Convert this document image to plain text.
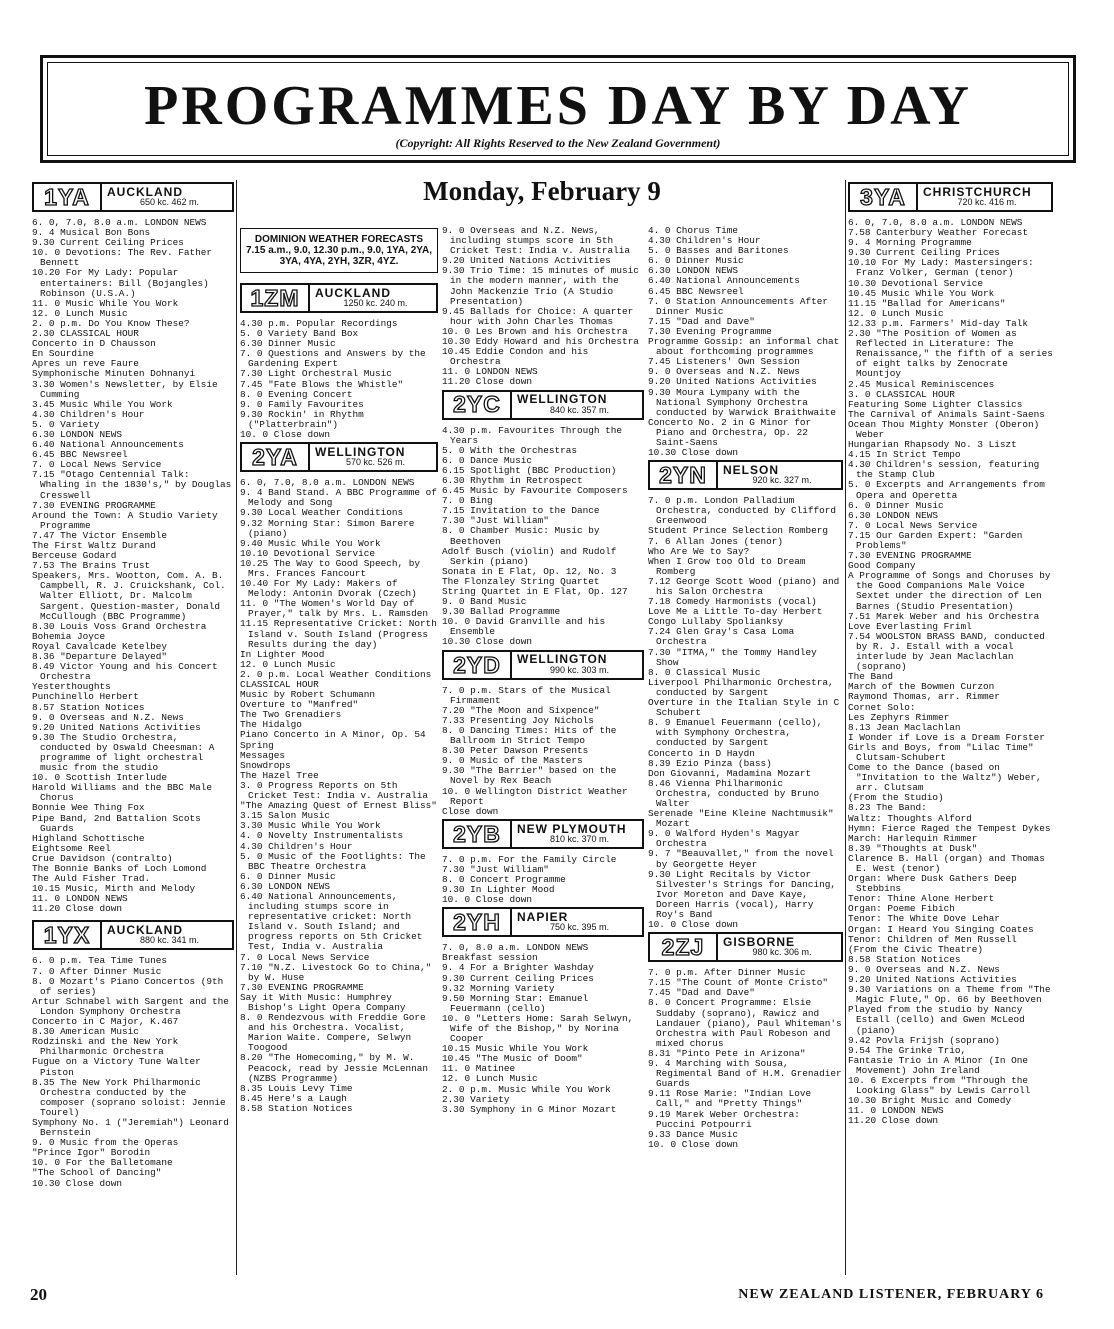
PROGRAMMES DAY BY DAY
(Copyright: All Rights Reserved to the New Zealand Government)
Monday, February 9
1YA	AUCKLAND
650 kc. 462 m.

6. 0, 7.0, 8.0 a.m. LONDON NEWS

9. 4 Musical Bon Bons

9.30 Current Ceiling Prices

10. 0 Devotions: The Rev. Father Bennett

10.20 For My Lady: Popular entertainers: Bill (Bojangles) Robinson (U.S.A.)

11. 0 Music While You Work

12. 0 Lunch Music

2. 0 p.m. Do You Know These?

2.30 CLASSICAL HOUR

Concerto in D Chausson

En Sourdine

Apres un reve Faure

Symphonische Minuten Dohnanyi

3.30 Women's Newsletter, by Elsie Cumming

3.45 Music While You Work

4.30 Children's Hour

5. 0 Variety

6.30 LONDON NEWS

6.40 National Announcements

6.45 BBC Newsreel

7. 0 Local News Service

7.15 "Otago Centennial Talk: Whaling in the 1830's," by Douglas Cresswell

7.30 EVENING PROGRAMME

Around the Town: A Studio Variety Programme

7.47 The Victor Ensemble

The First Waltz Durand

Berceuse Godard

7.53 The Brains Trust

Speakers, Mrs. Wootton, Com. A. B. Campbell, R. J. Cruickshank, Col. Walter Elliott, Dr. Malcolm Sargent. Question-master, Donald McCullough (BBC Programme)

8.30 Louis Voss Grand Orchestra

Bohemia Joyce

Royal Cavalcade Ketelbey

8.36 "Departure Delayed"

8.49 Victor Young and his Concert Orchestra

Yesterthoughts

Punchinello Herbert

8.57 Station Notices

9. 0 Overseas and N.Z. News

9.20 United Nations Activities

9.30 The Studio Orchestra, conducted by Oswald Cheesman: A programme of light orchestral music from the studio

10. 0 Scottish Interlude

Harold Williams and the BBC Male Chorus

Bonnie Wee Thing Fox

Pipe Band, 2nd Battalion Scots Guards

Highland Schottische

Eightsome Reel

Crue Davidson (contralto)

The Bonnie Banks of Loch Lomond

The Auld Fisher Trad.

10.15 Music, Mirth and Melody

11. 0 LONDON NEWS

11.20 Close down

1YX	AUCKLAND
880 kc. 341 m.

6. 0 p.m. Tea Time Tunes

7. 0 After Dinner Music

8. 0 Mozart's Piano Concertos (9th of series)

Artur Schnabel with Sargent and the London Symphony Orchestra

Concerto in C Major, K.467

8.30 American Music

Rodzinski and the New York Philharmonic Orchestra

Fugue on a Victory Tune Walter Piston

8.35 The New York Philharmonic Orchestra conducted by the composer (soprano soloist: Jennie Tourel)

Symphony No. 1 ("Jeremiah") Leonard Bernstein

9. 0 Music from the Operas

"Prince Igor" Borodin

10. 0 For the Balletomane

"The School of Dancing"

10.30 Close down

DOMINION WEATHER FORECASTS
7.15 a.m., 9.0, 12.30 p.m., 9.0, 1YA, 2YA, 3YA, 4YA, 2YH, 3ZR, 4YZ.
1ZM	AUCKLAND
1250 kc. 240 m.

4.30 p.m. Popular Recordings

5. 0 Variety Band Box

6.30 Dinner Music

7. 0 Questions and Answers by the Gardening Expert

7.30 Light Orchestral Music

7.45 "Fate Blows the Whistle"

8. 0 Evening Concert

9. 0 Family Favourites

9.30 Rockin' in Rhythm ("Platterbrain")

10. 0 Close down

2YA	WELLINGTON
570 kc. 526 m.

6. 0, 7.0, 8.0 a.m. LONDON NEWS

9. 4 Band Stand. A BBC Programme of Melody and Song

9.30 Local Weather Conditions

9.32 Morning Star: Simon Barere (piano)

9.40 Music While You Work

10.10 Devotional Service

10.25 The Way to Good Speech, by Mrs. Frances Fancourt

10.40 For My Lady: Makers of Melody: Antonin Dvorak (Czech)

11. 0 "The Women's World Day of Prayer," talk by Mrs. L. Ramsden

11.15 Representative Cricket: North Island v. South Island (Progress Results during the day)

In Lighter Mood

12. 0 Lunch Music

2. 0 p.m. Local Weather Conditions

CLASSICAL HOUR

Music by Robert Schumann

Overture to "Manfred"

The Two Grenadiers

The Hidalgo

Piano Concerto in A Minor, Op. 54

Spring

Messages

Snowdrops

The Hazel Tree

3. 0 Progress Reports on 5th Cricket Test: India v. Australia

"The Amazing Quest of Ernest Bliss"

3.15 Salon Music

3.30 Music While You Work

4. 0 Novelty Instrumentalists

4.30 Children's Hour

5. 0 Music of the Footlights: The BBC Theatre Orchestra

6. 0 Dinner Music

6.30 LONDON NEWS

6.40 National Announcements, including stumps score in representative cricket: North Island v. South Island; and progress reports on 5th Cricket Test, India v. Australia

7. 0 Local News Service

7.10 "N.Z. Livestock Go to China," by W. Huse

7.30 EVENING PROGRAMME

Say it With Music: Humphrey Bishop's Light Opera Company

8. 0 Rendezvous with Freddie Gore and his Orchestra. Vocalist, Marion Waite. Compere, Selwyn Toogood

8.20 "The Homecoming," by M. W. Peacock, read by Jessie McLennan (NZBS Programme)

8.35 Louis Levy Time

8.45 Here's a Laugh

8.58 Station Notices

9. 0 Overseas and N.Z. News, including stumps score in 5th Cricket Test: India v. Australia

9.20 United Nations Activities

9.30 Trio Time: 15 minutes of music in the modern manner, with the John Mackenzie Trio (A Studio Presentation)

9.45 Ballads for Choice: A quarter hour with John Charles Thomas

10. 0 Les Brown and his Orchestra

10.30 Eddy Howard and his Orchestra

10.45 Eddie Condon and his Orchestra

11. 0 LONDON NEWS

11.20 Close down

2YC	WELLINGTON
840 kc. 357 m.

4.30 p.m. Favourites Through the Years

5. 0 With the Orchestras

6. 0 Dance Music

6.15 Spotlight (BBC Production)

6.30 Rhythm in Retrospect

6.45 Music by Favourite Composers

7. 0 Bing

7.15 Invitation to the Dance

7.30 "Just William"

8. 0 Chamber Music: Music by Beethoven

Adolf Busch (violin) and Rudolf Serkin (piano)

Sonata in E Flat, Op. 12, No. 3

The Flonzaley String Quartet

String Quartet in E Flat, Op. 127

9. 0 Band Music

9.30 Ballad Programme

10. 0 David Granville and his Ensemble

10.30 Close down

2YD	WELLINGTON
990 kc. 303 m.

7. 0 p.m. Stars of the Musical Firmament

7.20 "The Moon and Sixpence"

7.33 Presenting Joy Nichols

8. 0 Dancing Times: Hits of the Ballroom in Strict Tempo

8.30 Peter Dawson Presents

9. 0 Music of the Masters

9.30 "The Barrier" based on the Novel by Rex Beach

10. 0 Wellington District Weather Report

Close down

2YB	NEW PLYMOUTH
810 kc. 370 m.

7. 0 p.m. For the Family Circle

7.30 "Just William"

8. 0 Concert Programme

9.30 In Lighter Mood

10. 0 Close down

2YH	NAPIER
750 kc. 395 m.

7. 0, 8.0 a.m. LONDON NEWS

Breakfast session

9. 4 For a Brighter Washday

9.30 Current Ceiling Prices

9.32 Morning Variety

9.50 Morning Star: Emanuel Feuermann (cello)

10. 0 "Letters Home: Sarah Selwyn, Wife of the Bishop," by Norina Cooper

10.15 Music While You Work

10.45 "The Music of Doom"

11. 0 Matinee

12. 0 Lunch Music

2. 0 p.m. Music While You Work

2.30 Variety

3.30 Symphony in G Minor Mozart

4. 0 Chorus Time

4.30 Children's Hour

5. 0 Basses and Baritones

6. 0 Dinner Music

6.30 LONDON NEWS

6.40 National Announcements

6.45 BBC Newsreel

7. 0 Station Announcements After Dinner Music

7.15 "Dad and Dave"

7.30 Evening Programme

Programme Gossip: an informal chat about forthcoming programmes

7.45 Listeners' Own Session

9. 0 Overseas and N.Z. News

9.20 United Nations Activities

9.30 Moura Lympany with the National Symphony Orchestra conducted by Warwick Braithwaite

Concerto No. 2 in G Minor for Piano and Orchestra, Op. 22 Saint-Saens

10.30 Close down

2YN	NELSON
920 kc. 327 m.

7. 0 p.m. London Palladium Orchestra, conducted by Clifford Greenwood

Student Prince Selection Romberg

7. 6 Allan Jones (tenor)

Who Are We to Say?

When I Grow too Old to Dream Romberg

7.12 George Scott Wood (piano) and his Salon Orchestra

7.18 Comedy Harmonists (vocal)

Love Me a Little To-day Herbert

Congo Lullaby Spolianksy

7.24 Glen Gray's Casa Loma Orchestra

7.30 "ITMA," the Tommy Handley Show

8. 0 Classical Music

Liverpool Philharmonic Orchestra, conducted by Sargent

Overture in the Italian Style in C Schubert

8. 9 Emanuel Feuermann (cello), with Symphony Orchestra, conducted by Sargent

Concerto in D Haydn

8.39 Ezio Pinza (bass)

Don Giovanni, Madamina Mozart

8.46 Vienna Philharmonic Orchestra, conducted by Bruno Walter

Serenade "Eine Kleine Nachtmusik" Mozart

9. 0 Walford Hyden's Magyar Orchestra

9. 7 "Beauvallet," from the novel by Georgette Heyer

9.30 Light Recitals by Victor Silvester's Strings for Dancing, Ivor Moreton and Dave Kaye, Doreen Harris (vocal), Harry Roy's Band

10. 0 Close down

2ZJ	GISBORNE
980 kc. 306 m.

7. 0 p.m. After Dinner Music

7.15 "The Count of Monte Cristo"

7.45 "Dad and Dave"

8. 0 Concert Programme: Elsie Suddaby (soprano), Rawicz and Landauer (piano), Paul Whiteman's Orchestra with Paul Robeson and mixed chorus

8.31 "Pinto Pete in Arizona"

9. 4 Marching with Sousa, Regimental Band of H.M. Grenadier Guards

9.11 Rose Marie: "Indian Love Call," and "Pretty Things"

9.19 Marek Weber Orchestra: Puccini Potpourri

9.33 Dance Music

10. 0 Close down

3YA	CHRISTCHURCH
720 kc. 416 m.

6. 0, 7.0, 8.0 a.m. LONDON NEWS

7.58 Canterbury Weather Forecast

9. 4 Morning Programme

9.30 Current Ceiling Prices

10.10 For My Lady: Mastersingers: Franz Volker, German (tenor)

10.30 Devotional Service

10.45 Music While You Work

11.15 "Ballad for Americans"

12. 0 Lunch Music

12.33 p.m. Farmers' Mid-day Talk

2.30 "The Position of Women as Reflected in Literature: The Renaissance," the fifth of a series of eight talks by Zenocrate Mountjoy

2.45 Musical Reminiscences

3. 0 CLASSICAL HOUR

Featuring Some Lighter Classics

The Carnival of Animals Saint-Saens

Ocean Thou Mighty Monster (Oberon) Weber

Hungarian Rhapsody No. 3 Liszt

4.15 In Strict Tempo

4.30 Children's session, featuring the Stamp Club

5. 0 Excerpts and Arrangements from Opera and Operetta

6. 0 Dinner Music

6.30 LONDON NEWS

7. 0 Local News Service

7.15 Our Garden Expert: "Garden Problems"

7.30 EVENING PROGRAMME

Good Company

A Programme of Songs and Choruses by the Good Companions Male Voice Sextet under the direction of Len Barnes (Studio Presentation)

7.51 Marek Weber and his Orchestra

Love Everlasting Friml

7.54 WOOLSTON BRASS BAND, conducted by R. J. Estall with a vocal interlude by Jean Maclachlan (soprano)

The Band

March of the Bowmen Curzon

Raymond Thomas, arr. Rimmer

Cornet Solo:

Les Zephyrs Rimmer

8.13 Jean Maclachlan

I Wonder if Love is a Dream Forster

Girls and Boys, from "Lilac Time" Clutsam-Schubert

Come to the Dance (based on "Invitation to the Waltz") Weber, arr. Clutsam

(From the Studio)

8.23 The Band:

Waltz: Thoughts Alford

Hymn: Fierce Raged the Tempest Dykes

March: Harlequin Rimmer

8.39 "Thoughts at Dusk"

Clarence B. Hall (organ) and Thomas E. West (tenor)

Organ: Where Dusk Gathers Deep Stebbins

Tenor: Thine Alone Herbert

Organ: Poeme Fibich

Tenor: The White Dove Lehar

Organ: I Heard You Singing Coates

Tenor: Children of Men Russell

(From the Civic Theatre)

8.58 Station Notices

9. 0 Overseas and N.Z. News

9.20 United Nations Activities

9.30 Variations on a Theme from "The Magic Flute," Op. 66 by Beethoven

Played from the studio by Nancy Estall (cello) and Gwen McLeod (piano)

9.42 Povla Frijsh (soprano)

9.54 The Grinke Trio,

Fantasie Trio in A Minor (In One Movement) John Ireland

10. 6 Excerpts from "Through the Looking Glass" by Lewis Carroll

10.30 Bright Music and Comedy

11. 0 LONDON NEWS

11.20 Close down

20	NEW ZEALAND LISTENER, FEBRUARY 6
